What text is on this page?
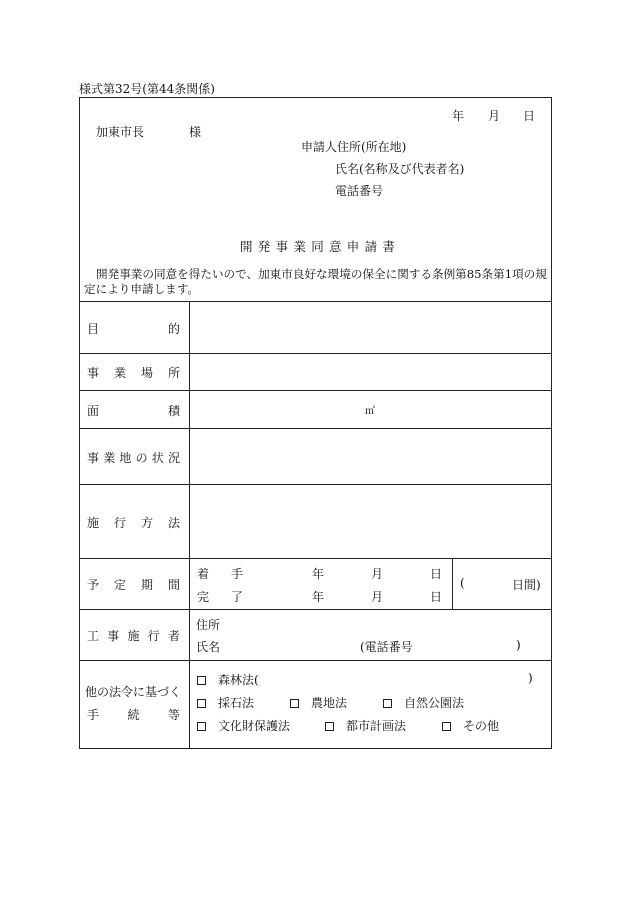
様式第32号(第44条関係)
年 月 日
加東市長	様
申請人住所(所在地)
氏名(名称及び代表者名)
電話番号
開 発 事 業 同 意 申 請 書
開発事業の同意を得たいので、加東市良好な環境の保全に関する条例第85条第1項の規
定により申請します。
目	的
事 業 場 所
面	積	㎡
事 業 地 の 状 況
施 行 方 法
予 定 期 間
着 手	年	月	日
完 了	年	月	日
(	日間)
工 事 施 行 者
住所
氏名	(電話番号	)
他の法令に基づく
手 続 等
森林法(	)
採石法	農地法	自然公園法
文化財保護法	都市計画法	その他
